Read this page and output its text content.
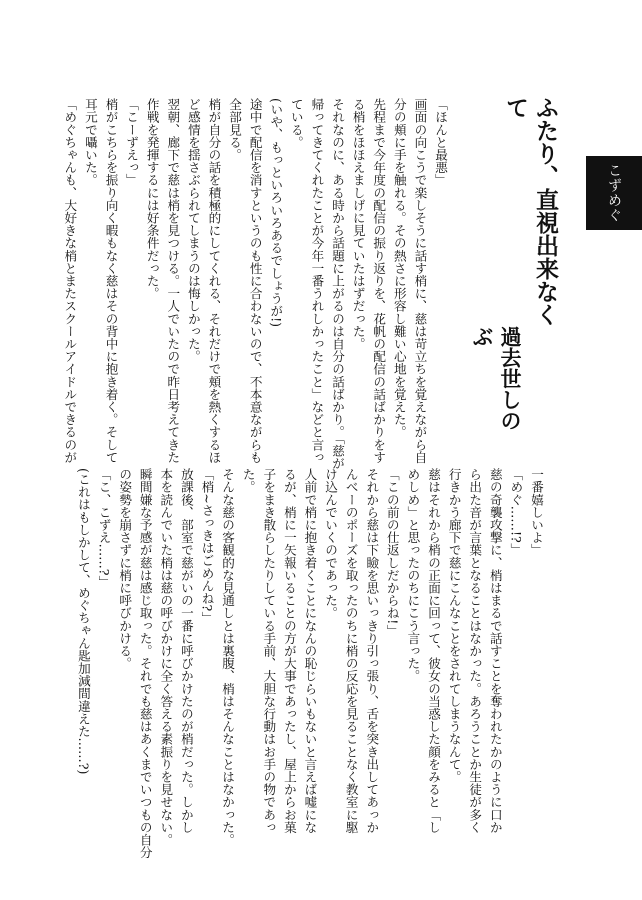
こずめぐ
ふたり、直視出来なくて
過去世しのぶ
「ほんと最悪」
画面の向こうで楽しそうに話す梢に、慈は苛立ちを覚えながら自
分の頬に手を触れる。その熱さに形容し難い心地を覚えた。
先程まで今年度の配信の振り返りを、花帆の配信の話ばかりをす
る梢をほほえましげに見ていたはずだった。
それなのに、ある時から話題に上がるのは自分の話ばかり。「慈が
帰ってきてくれたことが今年一番うれしかったこと」などと言っ
ている。
(いや、もっといろいろあるでしょうが!)
途中で配信を消すというのも性に合わないので、不本意ながらも
全部見る。
梢が自分の話を積極的にしてくれる、それだけで頬を熱くするほ
ど感情を揺さぶられてしまうのは悔しかった。
翌朝、廊下で慈は梢を見つける。一人でいたので昨日考えてきた
作戦を発揮するには好条件だった。
「こーずえっ」
梢がこちらを振り向く暇もなく慈はその背中に抱き着く。そして
耳元で囁いた。
「めぐちゃんも、大好きな梢とまたスクールアイドルできるのが
一番嬉しいよ」
「めぐ……!?」
慈の奇襲攻撃に、梢はまるで話すことを奪われたかのように口か
ら出た音が言葉となることはなかった。あろうことか生徒が多く
行きかう廊下で慈にこんなことをされてしまうなんて。
慈はそれから梢の正面に回って、彼女の当惑した顔をみると「し
めしめ」と思ったのちにこう言った。
「この前の仕返しだからね!」
それから慈は下瞼を思いっきり引っ張り、舌を突き出してあっか
んべーのポーズを取ったのちに梢の反応を見ることなく教室に駆
け込んでいくのであった。
人前で梢に抱き着くことになんの恥じらいもないと言えば嘘にな
るが、梢に一矢報いることの方が大事であったし、屋上からお菓
子をまき散らしたりしている手前、大胆な行動はお手の物であっ
た。
そんな慈の客観的な見通しとは裏腹、梢はそんなことはなかった。
「梢~さっきはごめんね?」
放課後、部室で慈がいの一番に呼びかけたのが梢だった。しかし
本を読んでいた梢は慈の呼びかけに全く答える素振りを見せない。
瞬間嫌な予感が慈は感じ取った。それでも慈はあくまでいつもの自分
の姿勢を崩さずに梢に呼びかける。
「こ、こずえ……?」
(これはもしかして、めぐちゃん匙加減間違えた……?)
